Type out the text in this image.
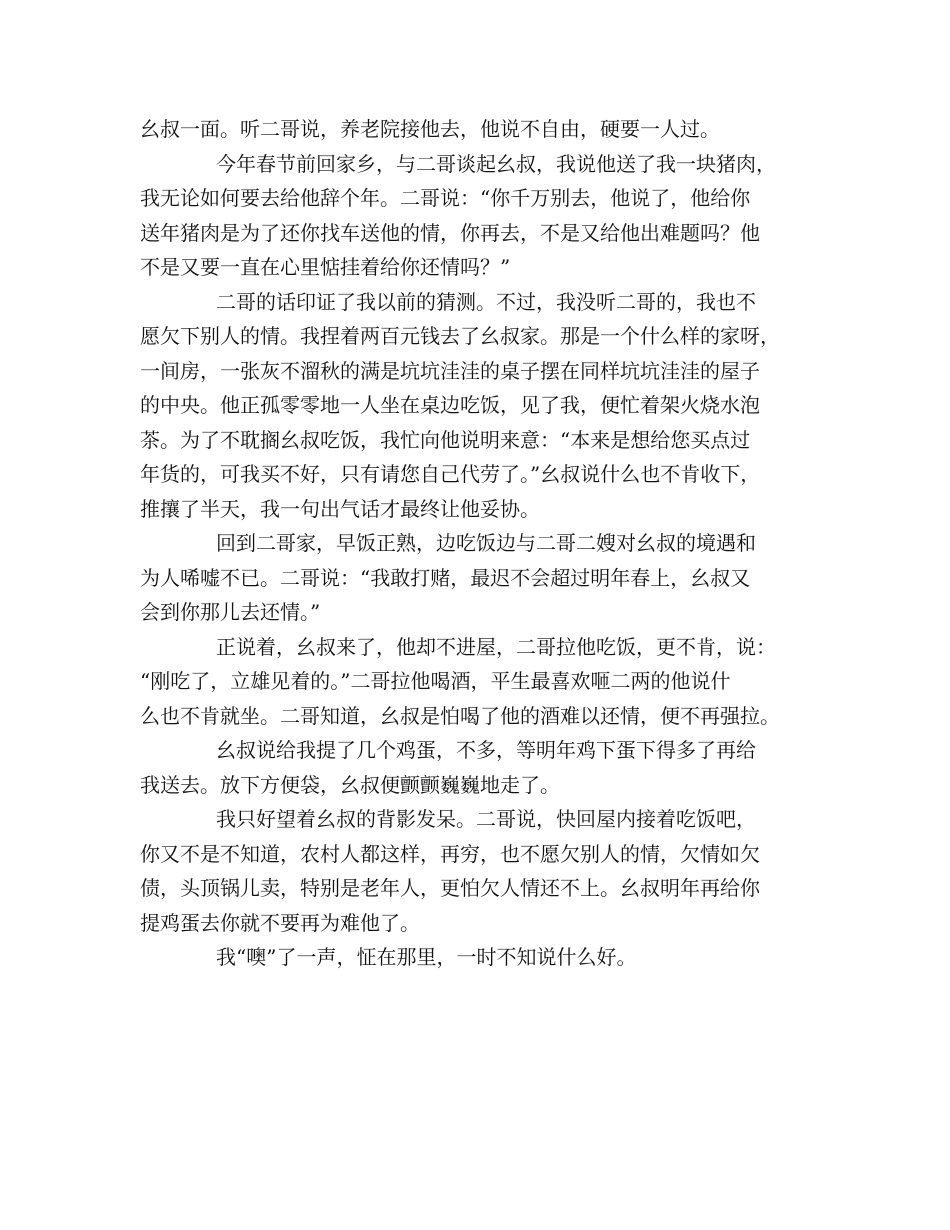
幺叔一面。听二哥说，养老院接他去，他说不自由，硬要一人过。
今年春节前回家乡，与二哥谈起幺叔，我说他送了我一块猪肉，
我无论如何要去给他辞个年。二哥说：“你千万别去，他说了，他给你
送年猪肉是为了还你找车送他的情，你再去，不是又给他出难题吗？他
不是又要一直在心里惦挂着给你还情吗？”
二哥的话印证了我以前的猜测。不过，我没听二哥的，我也不
愿欠下别人的情。我捏着两百元钱去了幺叔家。那是一个什么样的家呀，
一间房，一张灰不溜秋的满是坑坑洼洼的桌子摆在同样坑坑洼洼的屋子
的中央。他正孤零零地一人坐在桌边吃饭，见了我，便忙着架火烧水泡
茶。为了不耽搁幺叔吃饭，我忙向他说明来意：“本来是想给您买点过
年货的，可我买不好，只有请您自己代劳了。”幺叔说什么也不肯收下，
推攘了半天，我一句出气话才最终让他妥协。
回到二哥家，早饭正熟，边吃饭边与二哥二嫂对幺叔的境遇和
为人唏嘘不已。二哥说：“我敢打赌，最迟不会超过明年春上，幺叔又
会到你那儿去还情。”
正说着，幺叔来了，他却不进屋，二哥拉他吃饭，更不肯，说：
“刚吃了，立雄见着的。”二哥拉他喝酒，平生最喜欢咂二两的他说什
么也不肯就坐。二哥知道，幺叔是怕喝了他的酒难以还情，便不再强拉。
幺叔说给我提了几个鸡蛋，不多，等明年鸡下蛋下得多了再给
我送去。放下方便袋，幺叔便颤颤巍巍地走了。
我只好望着幺叔的背影发呆。二哥说，快回屋内接着吃饭吧，
你又不是不知道，农村人都这样，再穷，也不愿欠别人的情，欠情如欠
债，头顶锅儿卖，特别是老年人，更怕欠人情还不上。幺叔明年再给你
提鸡蛋去你就不要再为难他了。
我“噢”了一声，怔在那里，一时不知说什么好。
